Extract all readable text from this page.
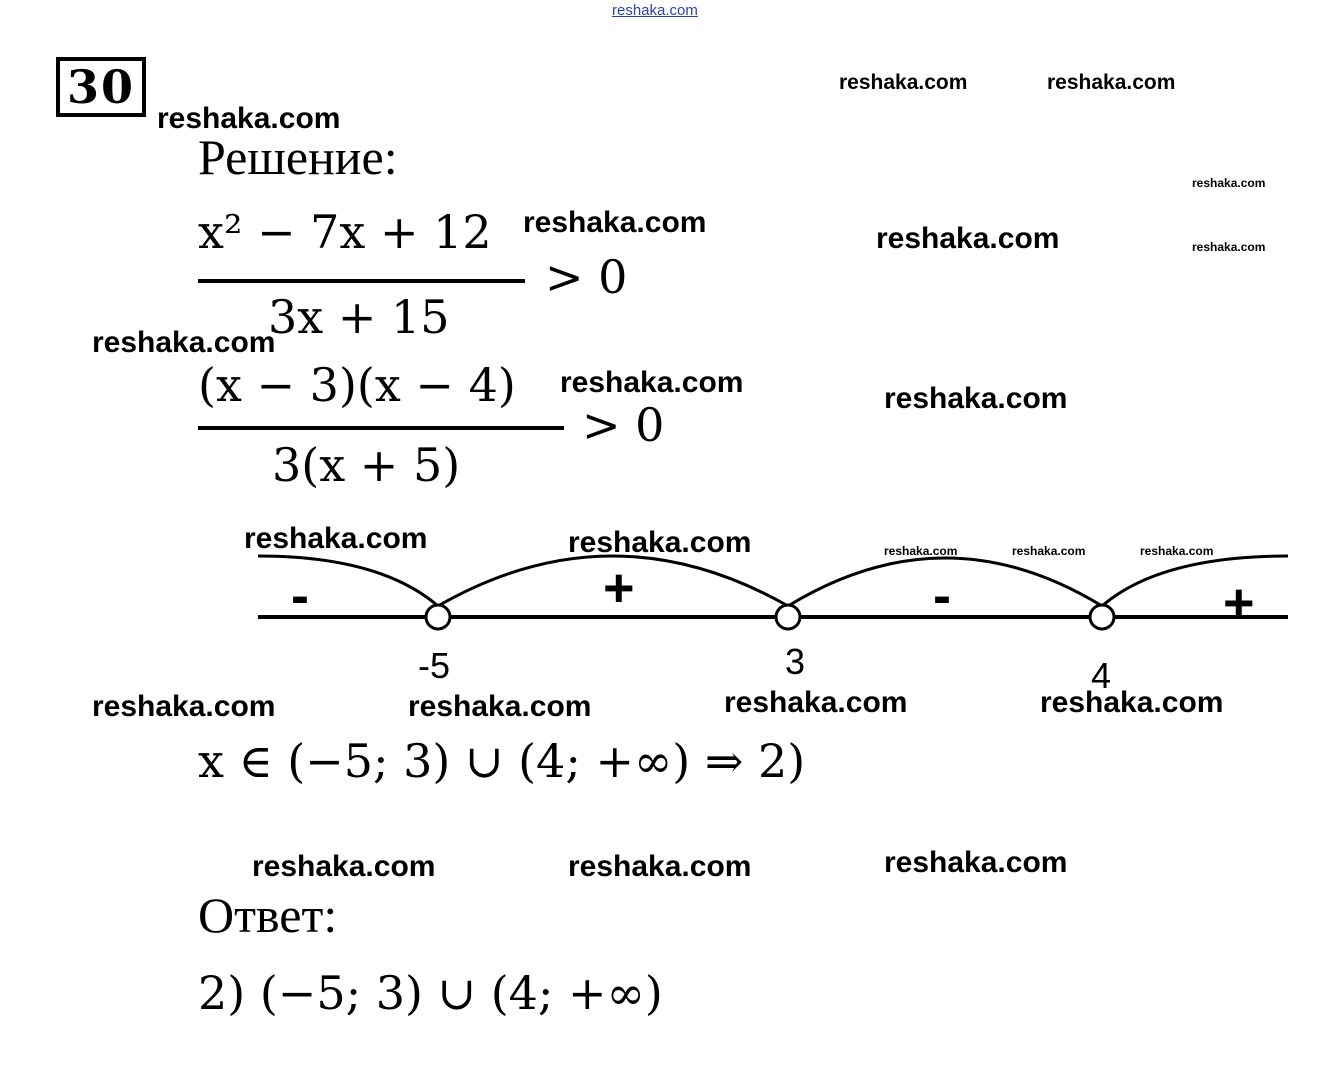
reshaka.com
30
reshaka.com
reshaka.com	reshaka.com
reshaka.com
reshaka.com
Решение:
x² − 7x + 12
3x + 15
> 0
reshaka.com	reshaka.com
reshaka.com
(x − 3)(x − 4)
3(x + 5)
> 0
reshaka.com	reshaka.com
reshaka.com	reshaka.com	reshaka.com	reshaka.com	reshaka.com
-	+	-	+
-5	3	4
reshaka.com	reshaka.com	reshaka.com	reshaka.com
x ∈ (−5; 3) ∪ (4; +∞) ⇒ 2)
reshaka.com	reshaka.com	reshaka.com
Ответ:
2) (−5; 3) ∪ (4; +∞)
